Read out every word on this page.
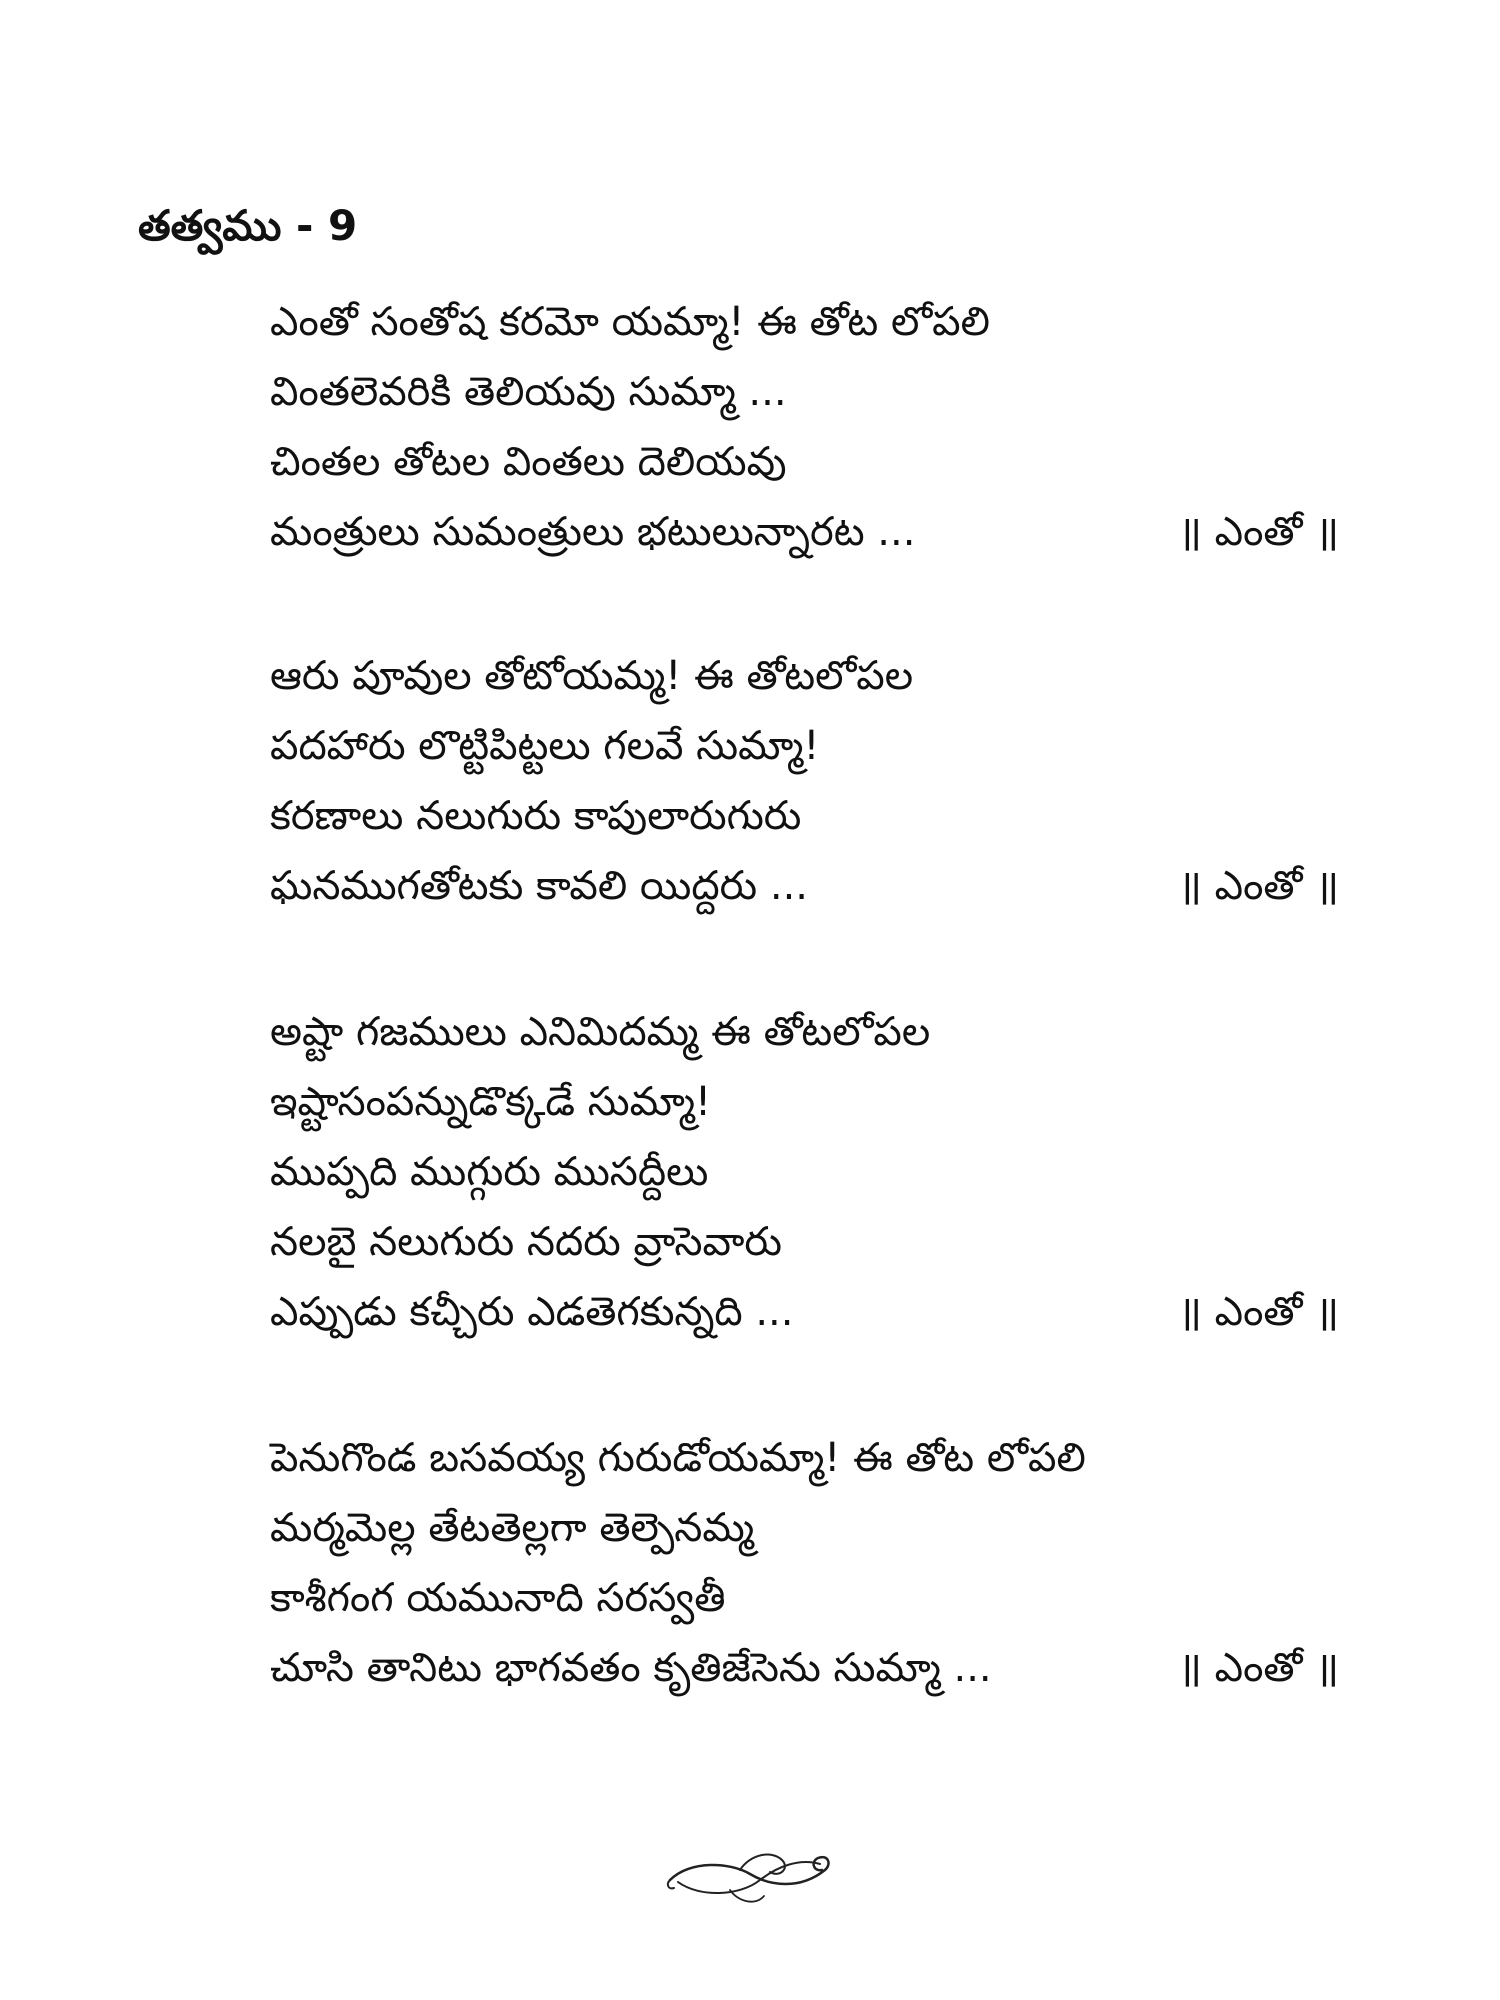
తత్వము - 9
ఎంతో సంతోష కరమో యమ్మా! ఈ తోట లోపలి
వింతలెవరికి తెలియవు సుమ్మా ...
చింతల తోటల వింతలు దెలియవు
మంత్రులు సుమంత్రులు భటులున్నారట ...	॥ ఎంతో ॥
ఆరు పూవుల తోటోయమ్మ! ఈ తోటలోపల
పదహారు లొట్టిపిట్టలు గలవే సుమ్మా!
కరణాలు నలుగురు కాపులారుగురు
ఘనముగతోటకు కావలి యిద్దరు ...	॥ ఎంతో ॥
అష్టా గజములు ఎనిమిదమ్మ ఈ తోటలోపల
ఇష్టాసంపన్నుడొక్కడే సుమ్మా!
ముప్పది ముగ్గురు ముసద్దీలు
నలబై నలుగురు నదరు వ్రాసెవారు
ఎప్పుడు కచ్చీరు ఎడతెగకున్నది ...	॥ ఎంతో ॥
పెనుగొండ బసవయ్య గురుడోయమ్మా! ఈ తోట లోపలి
మర్మమెల్ల తేటతెల్లగా తెల్పెనమ్మ
కాశీగంగ యమునాది సరస్వతీ
చూసి తానిటు భాగవతం కృతిజేసెను సుమ్మా ...	॥ ఎంతో ॥
